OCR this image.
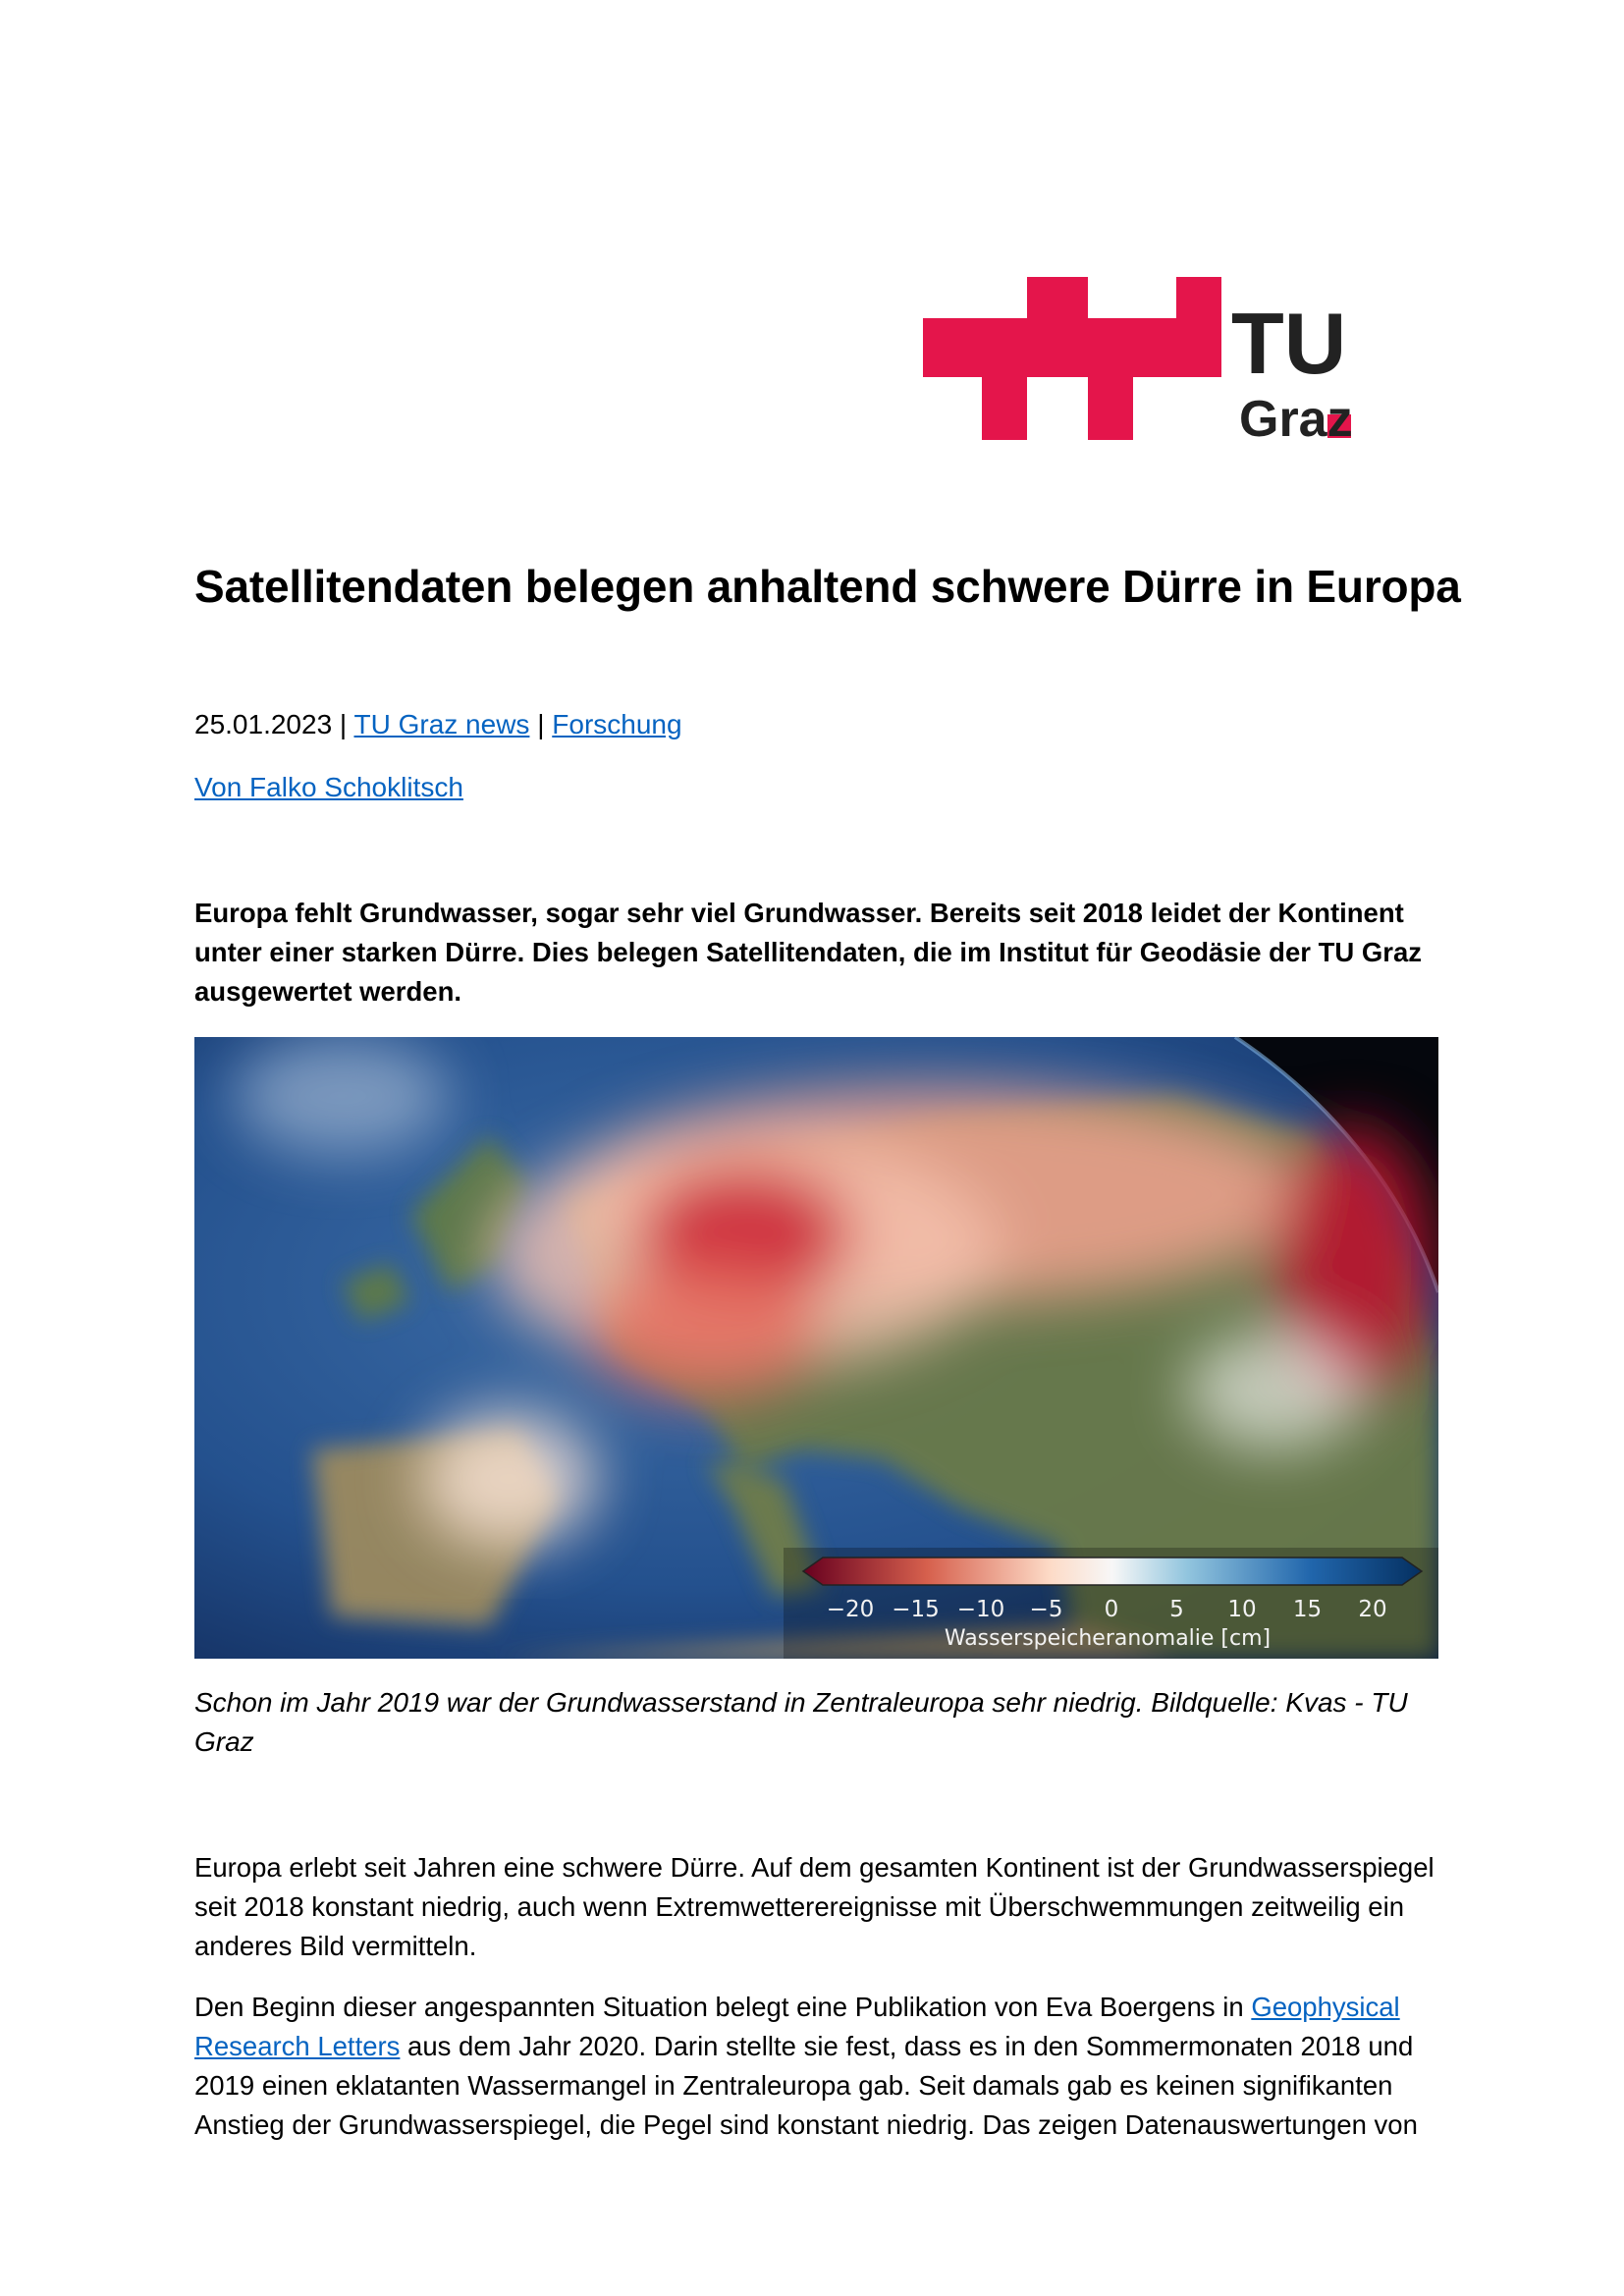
TU
Graz
Satellitendaten belegen anhaltend schwere Dürre in Europa
25.01.2023 | TU Graz news | Forschung
Von Falko Schoklitsch

Europa fehlt Grundwasser, sogar sehr viel Grundwasser. Bereits seit 2018 leidet der Kontinent unter einer starken Dürre. Dies belegen Satellitendaten, die im Institut für Geodäsie der TU Graz ausgewertet werden.

−20 −15 −10 −5 0 5 10 15 20
Wasserspeicheranomalie [cm]

Schon im Jahr 2019 war der Grundwasserstand in Zentraleuropa sehr niedrig. Bildquelle: Kvas - TU Graz

Europa erlebt seit Jahren eine schwere Dürre. Auf dem gesamten Kontinent ist der Grundwasserspiegel seit 2018 konstant niedrig, auch wenn Extremwetterereignisse mit Überschwemmungen zeitweilig ein anderes Bild vermitteln.

Den Beginn dieser angespannten Situation belegt eine Publikation von Eva Boergens in Geophysical Research Letters aus dem Jahr 2020. Darin stellte sie fest, dass es in den Sommermonaten 2018 und 2019 einen eklatanten Wassermangel in Zentraleuropa gab. Seit damals gab es keinen signifikanten Anstieg der Grundwasserspiegel, die Pegel sind konstant niedrig. Das zeigen Datenauswertungen von
